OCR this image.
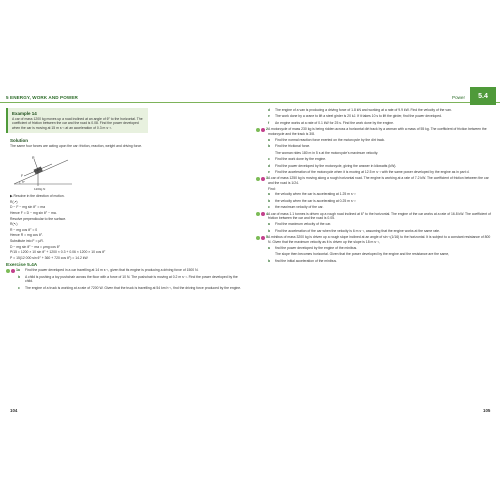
5 ENERGY, WORK AND POWER	Power	5.4
Example 14
A car of mass 1200 kg moves up a road inclined at an angle of θ° to the horizontal. The coefficient of friction between the car and the road is 0.08. Find the power developed when the car is moving at 15 m s⁻¹ at an acceleration of 0.3 m s⁻².
Solution
The same four forces are acting upon the car: friction, reaction, weight and driving force.
R
F
θ°
1200g N
▶ Resolve in the direction of motion.
R(↗)
D − F − mg sin θ° = ma
Hence F = D − mg sin θ° − ma.
Resolve perpendicular to the surface.
R(↖)
R − mg cos θ° = 0
Hence R = mg cos θ°.
Substitute into F = μR.
D − mg sin θ° − ma = μmg cos θ°
P/15 = 1200 × 10 sin θ° + 1200 × 0.3 + 0.06 × 1200 × 10 cos θ°
P = 15(12 000 sin θ° + 360 + 720 cos θ°) = 14.2 kW
Exercise 5.4A
1 a	Find the power developed in a car travelling at 14 m s⁻¹, given that its engine is producing a driving force of 1500 N.
b	A child is pushing a toy pushchair across the floor with a force of 10 N. The pushchair is moving at 0.2 m s⁻¹. Find the power developed by the child.
c	The engine of a truck is working at a rate of 7200 W. Given that the truck is travelling at 54 km h⁻¹, find the driving force produced by the engine.
d	The engine of a van is producing a driving force of 1.8 kN and working at a rate of 9.9 kW. Find the velocity of the van.
e	The work done by a crane to lift a steel girder is 20 kJ. If it takes 10 s to lift the girder, find the power developed.
f	An engine works at a rate of 0.1 kW for 25 s. Find the work done by the engine.
2 A motorcycle of mass 230 kg is being ridden across a horizontal dirt track by a woman with a mass of 55 kg. The coefficient of friction between the motorcycle and the track is 3/8.
a	Find the normal reaction force exerted on the motorcycle by the dirt track.
b	Find the frictional force.
The woman rides 180 m in 5 s at the motorcycle's maximum velocity.
c	Find the work done by the engine.
d	Find the power developed by the motorcycle, giving the answer in kilowatts (kW).
e	Find the acceleration of the motorcycle when it is moving at 12.5 m s⁻¹ with the same power developed by the engine as in part d.
3 A car of mass 1250 kg is moving along a rough horizontal road. The engine is working at a rate of 7.2 kW. The coefficient of friction between the car and the road is 1/24.
Find:
a	the velocity when the car is accelerating at 1.25 m s⁻²
b	the velocity when the car is accelerating at 0.25 m s⁻²
c	the maximum velocity of the car.
4 A car of mass 1.1 tonnes is driven up a rough road inclined at 6° to the horizontal. The engine of the car works at a rate of 16.8 kW. The coefficient of friction between the car and the road is 0.05.
a	Find the maximum velocity of the car.
b	Find the acceleration of the car when the velocity is 6 m s⁻¹, assuming that the engine works at the same rate.
5 A minibus of mass 3200 kg is driven up a rough slope inclined at an angle of sin⁻¹(1/16) to the horizontal. It is subject to a constant resistance of 800 N. Given that the maximum velocity as it is driven up the slope is 18 m s⁻¹,
a	find the power developed by the engine of the minibus.
The slope then becomes horizontal. Given that the power developed by the engine and the resistance are the same,
b	find the initial acceleration of the minibus.
104	105
